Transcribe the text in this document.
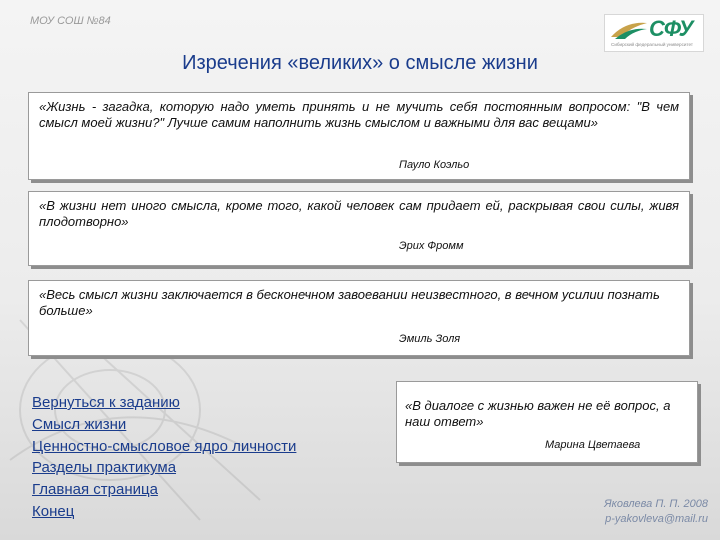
МОУ СОШ №84	СФУ
Сибирский федеральный университет
Изречения «великих» о смысле жизни
«Жизнь - загадка, которую надо уметь принять и не мучить себя постоянным вопросом: "В чем смысл моей жизни?" Лучше самим наполнить жизнь смыслом и важными для вас вещами»
Пауло Коэльо
«В жизни нет иного смысла, кроме того, какой человек сам придает ей, раскрывая свои силы, живя плодотворно»
Эрих Фромм
«Весь смысл жизни заключается в бесконечном завоевании неизвестного, в вечном усилии познать больше»
Эмиль Золя
«В диалоге с жизнью важен не её вопрос, а наш ответ»
Марина Цветаева
Вернуться к заданию
Смысл жизни
Ценностно-смысловое ядро личности
Разделы практикума
Главная страница
Конец	Яковлева П. П. 2008
p-yakovleva@mail.ru
